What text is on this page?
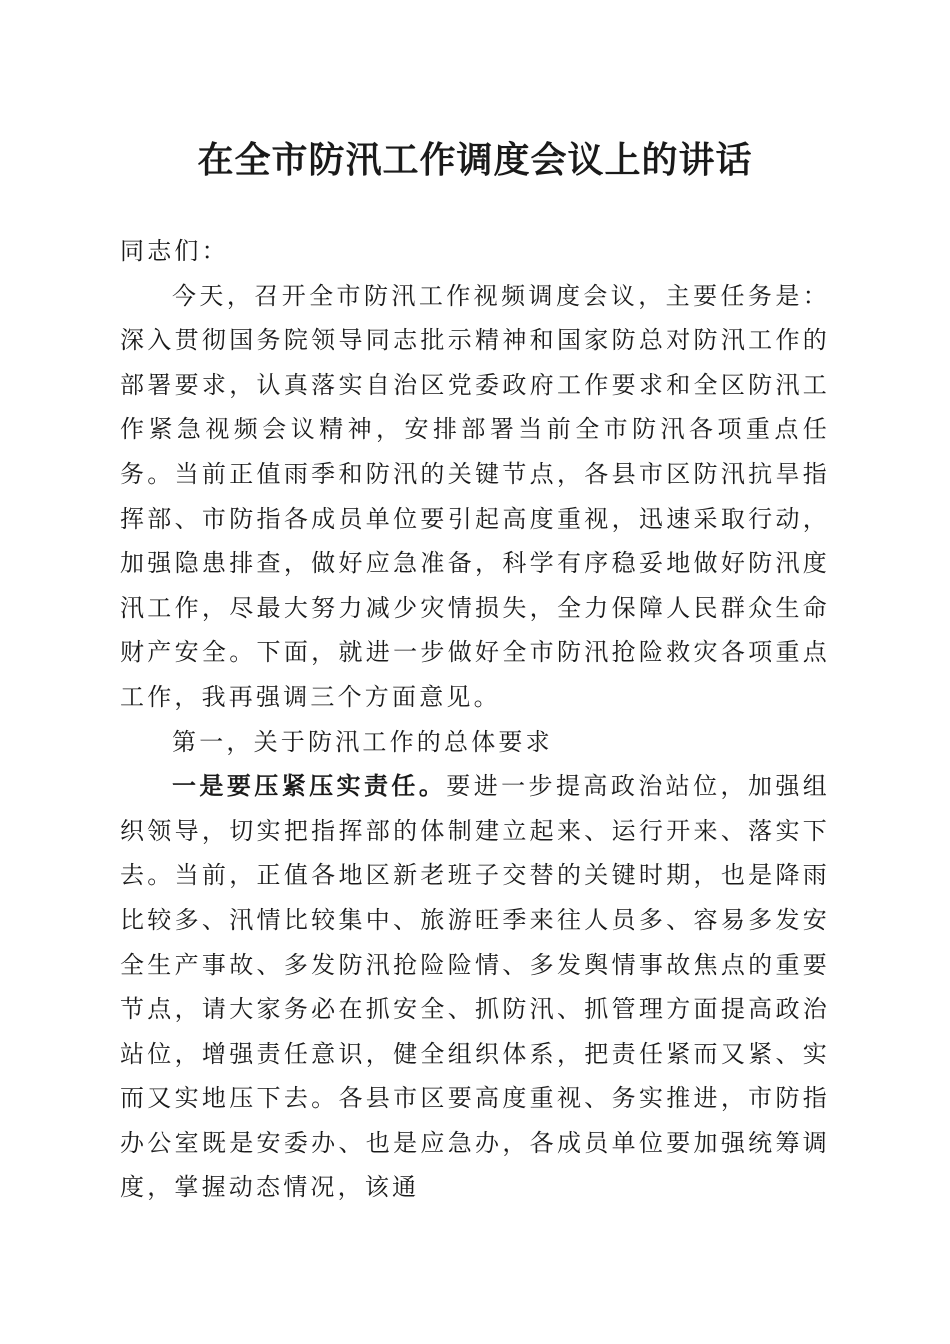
在全市防汛工作调度会议上的讲话

同志们：

今天，召开全市防汛工作视频调度会议，主要任务是：深入贯彻国务院领导同志批示精神和国家防总对防汛工作的部署要求，认真落实自治区党委政府工作要求和全区防汛工作紧急视频会议精神，安排部署当前全市防汛各项重点任务。当前正值雨季和防汛的关键节点，各县市区防汛抗旱指挥部、市防指各成员单位要引起高度重视，迅速采取行动，加强隐患排查，做好应急准备，科学有序稳妥地做好防汛度汛工作，尽最大努力减少灾情损失，全力保障人民群众生命财产安全。下面，就进一步做好全市防汛抢险救灾各项重点工作，我再强调三个方面意见。

第一，关于防汛工作的总体要求

一是要压紧压实责任。要进一步提高政治站位，加强组织领导，切实把指挥部的体制建立起来、运行开来、落实下去。当前，正值各地区新老班子交替的关键时期，也是降雨比较多、汛情比较集中、旅游旺季来往人员多、容易多发安全生产事故、多发防汛抢险险情、多发舆情事故焦点的重要节点，请大家务必在抓安全、抓防汛、抓管理方面提高政治站位，增强责任意识，健全组织体系，把责任紧而又紧、实而又实地压下去。各县市区要高度重视、务实推进，市防指办公室既是安委办、也是应急办，各成员单位要加强统筹调度，掌握动态情况，该通
